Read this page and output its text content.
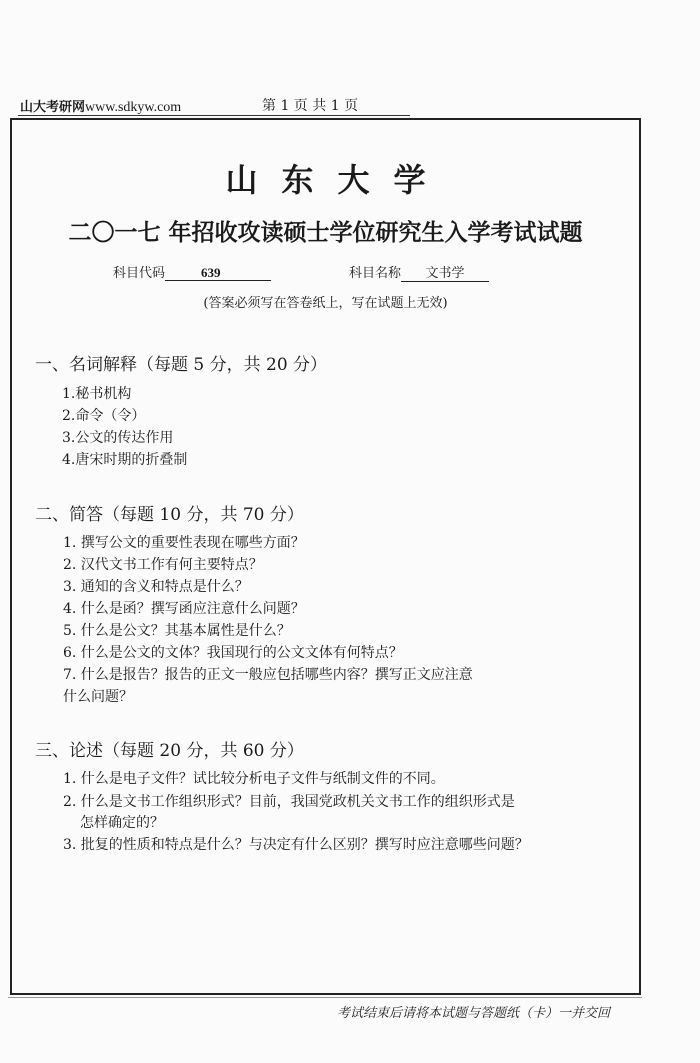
山大考研网www.sdkyw.com	第 1 页 共 1 页
山东大学
二〇一七 年招收攻读硕士学位研究生入学考试试题
科目代码	639	科目名称 文书学
(答案必须写在答卷纸上，写在试题上无效)
一、名词解释（每题 5 分，共 20 分）
1.秘书机构
2.命令（令）
3.公文的传达作用
4.唐宋时期的折叠制
二、简答（每题 10 分，共 70 分）
1. 撰写公文的重要性表现在哪些方面？
2. 汉代文书工作有何主要特点？
3. 通知的含义和特点是什么？
4. 什么是函？撰写函应注意什么问题？
5. 什么是公文？其基本属性是什么？
6. 什么是公文的文体？我国现行的公文文体有何特点？
7. 什么是报告？报告的正文一般应包括哪些内容？撰写正文应注意
什么问题？
三、论述（每题 20 分，共 60 分）
1. 什么是电子文件？试比较分析电子文件与纸制文件的不同。
2. 什么是文书工作组织形式？目前，我国党政机关文书工作的组织形式是
怎样确定的？
3. 批复的性质和特点是什么？与决定有什么区别？撰写时应注意哪些问题？
考试结束后请将本试题与答题纸（卡）一并交回
